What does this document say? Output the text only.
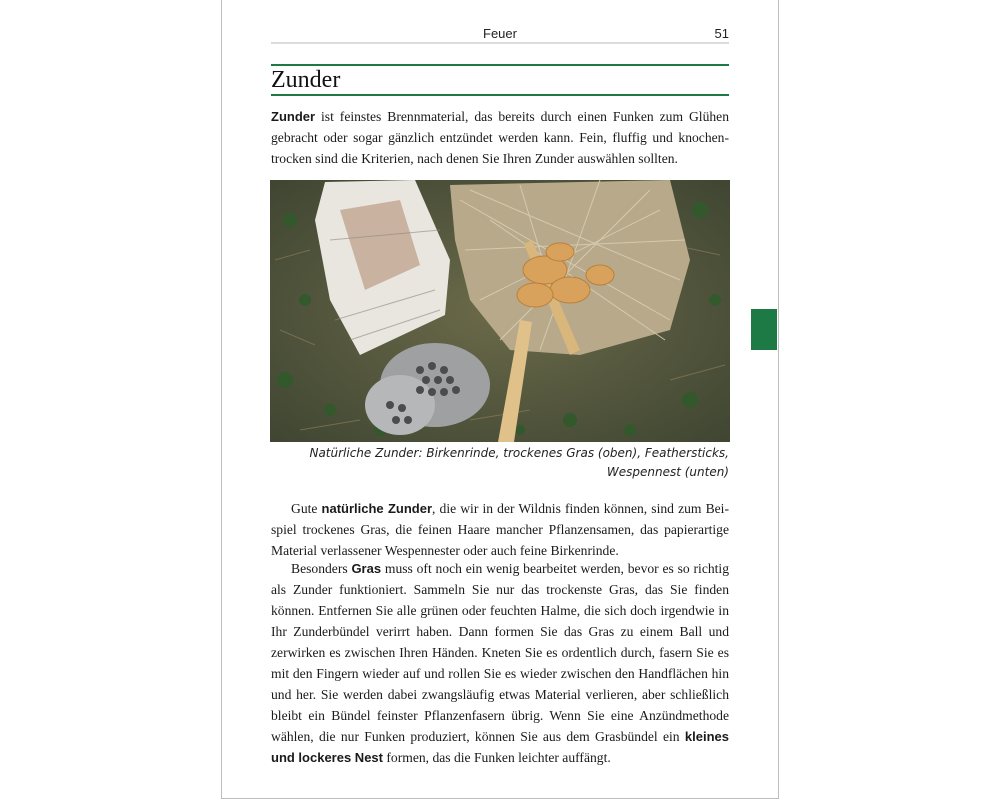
Feuer	51
Zunder

Zunder ist feinstes Brennmaterial, das bereits durch einen Funken zum Glühen gebracht oder sogar gänzlich entzündet werden kann. Fein, fluffig und knochentrocken sind die Kriterien, nach denen Sie Ihren Zunder auswählen sollten.

Natürliche Zunder: Birkenrinde, trockenes Gras (oben), Feathersticks,
Wespennest (unten)

Gute natürliche Zunder, die wir in der Wildnis finden können, sind zum Beispiel trockenes Gras, die feinen Haare mancher Pflanzensamen, das papierartige Material verlassener Wespennester oder auch feine Birkenrinde.

Besonders Gras muss oft noch ein wenig bearbeitet werden, bevor es so richtig als Zunder funktioniert. Sammeln Sie nur das trockenste Gras, das Sie finden können. Entfernen Sie alle grünen oder feuchten Halme, die sich doch irgendwie in Ihr Zunderbündel verirrt haben. Dann formen Sie das Gras zu einem Ball und zerwirken es zwischen Ihren Händen. Kneten Sie es ordentlich durch, fasern Sie es mit den Fingern wieder auf und rollen Sie es wieder zwischen den Handflächen hin und her. Sie werden dabei zwangsläufig etwas Material verlieren, aber schließlich bleibt ein Bündel feinster Pflanzenfasern übrig. Wenn Sie eine Anzündmethode wählen, die nur Funken produziert, können Sie aus dem Grasbündel ein kleines und lockeres Nest formen, das die Funken leichter auffängt.
